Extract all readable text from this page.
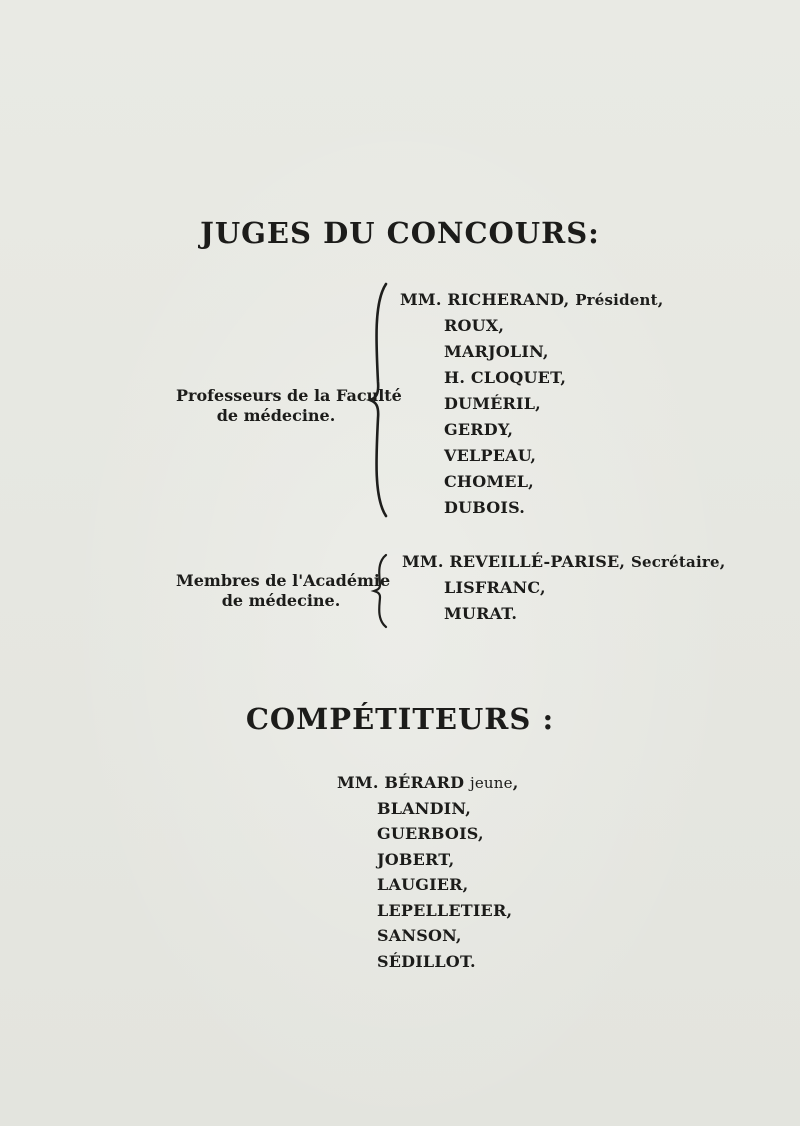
JUGES DU CONCOURS:
Professeurs de la Faculté
de médecine.
MM. RICHERAND, Président,
ROUX,
MARJOLIN,
H. CLOQUET,
DUMÉRIL,
GERDY,
VELPEAU,
CHOMEL,
DUBOIS.
Membres de l'Académie
de médecine.
MM. REVEILLÉ-PARISE, Secrétaire,
LISFRANC,
MURAT.
COMPÉTITEURS :
MM. BÉRARD jeune,
BLANDIN,
GUERBOIS,
JOBERT,
LAUGIER,
LEPELLETIER,
SANSON,
SÉDILLOT.
